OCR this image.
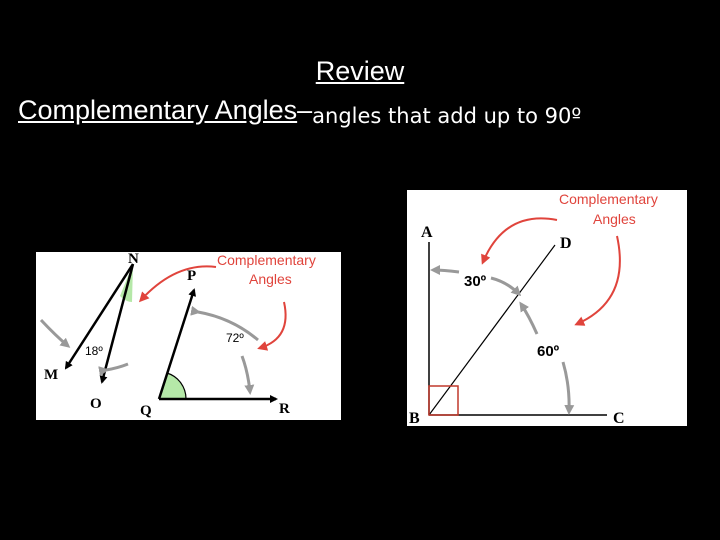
Review
Complementary Angles–angles that add up to 90º
N
M
O
P
Q	R
18º
72º
Complementary
Angles
A
B	C
D
30º
60º
Complementary
Angles
